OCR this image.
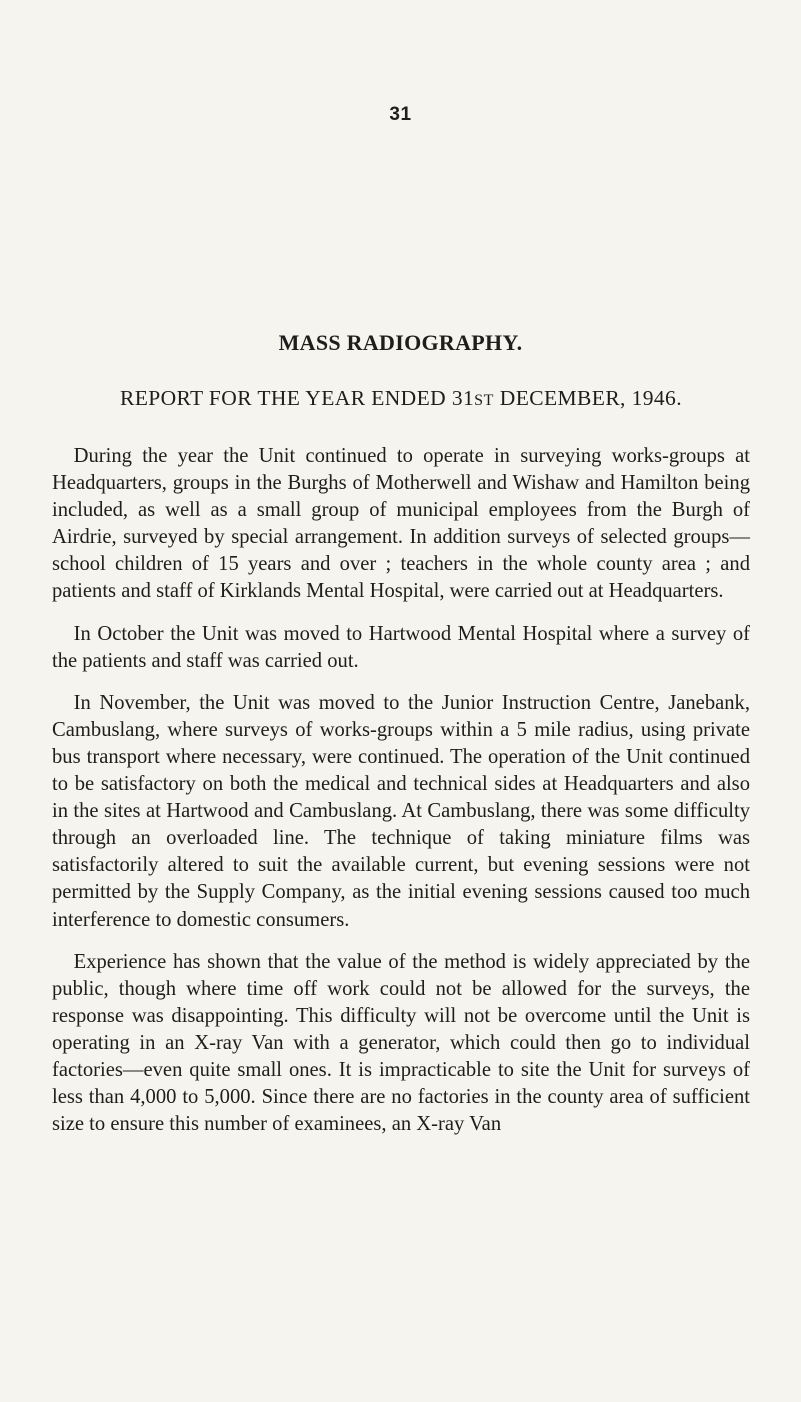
31
MASS RADIOGRAPHY.
REPORT FOR THE YEAR ENDED 31ST DECEMBER, 1946.

During the year the Unit continued to operate in surveying works-groups at Headquarters, groups in the Burghs of Motherwell and Wishaw and Hamilton being included, as well as a small group of municipal employees from the Burgh of Airdrie, surveyed by special arrangement. In addition surveys of selected groups—school children of 15 years and over ; teachers in the whole county area ; and patients and staff of Kirklands Mental Hospital, were carried out at Headquarters.

In October the Unit was moved to Hartwood Mental Hospital where a survey of the patients and staff was carried out.

In November, the Unit was moved to the Junior Instruction Centre, Janebank, Cambuslang, where surveys of works-groups within a 5 mile radius, using private bus transport where necessary, were continued. The operation of the Unit continued to be satisfactory on both the medical and technical sides at Headquarters and also in the sites at Hartwood and Cambuslang. At Cambuslang, there was some difficulty through an overloaded line. The technique of taking miniature films was satisfactorily altered to suit the available current, but evening sessions were not permitted by the Supply Company, as the initial evening sessions caused too much interference to domestic consumers.

Experience has shown that the value of the method is widely appreciated by the public, though where time off work could not be allowed for the surveys, the response was disappointing. This difficulty will not be overcome until the Unit is operating in an X-ray Van with a generator, which could then go to individual factories—even quite small ones. It is impracticable to site the Unit for surveys of less than 4,000 to 5,000. Since there are no factories in the county area of sufficient size to ensure this number of examinees, an X-ray Van
